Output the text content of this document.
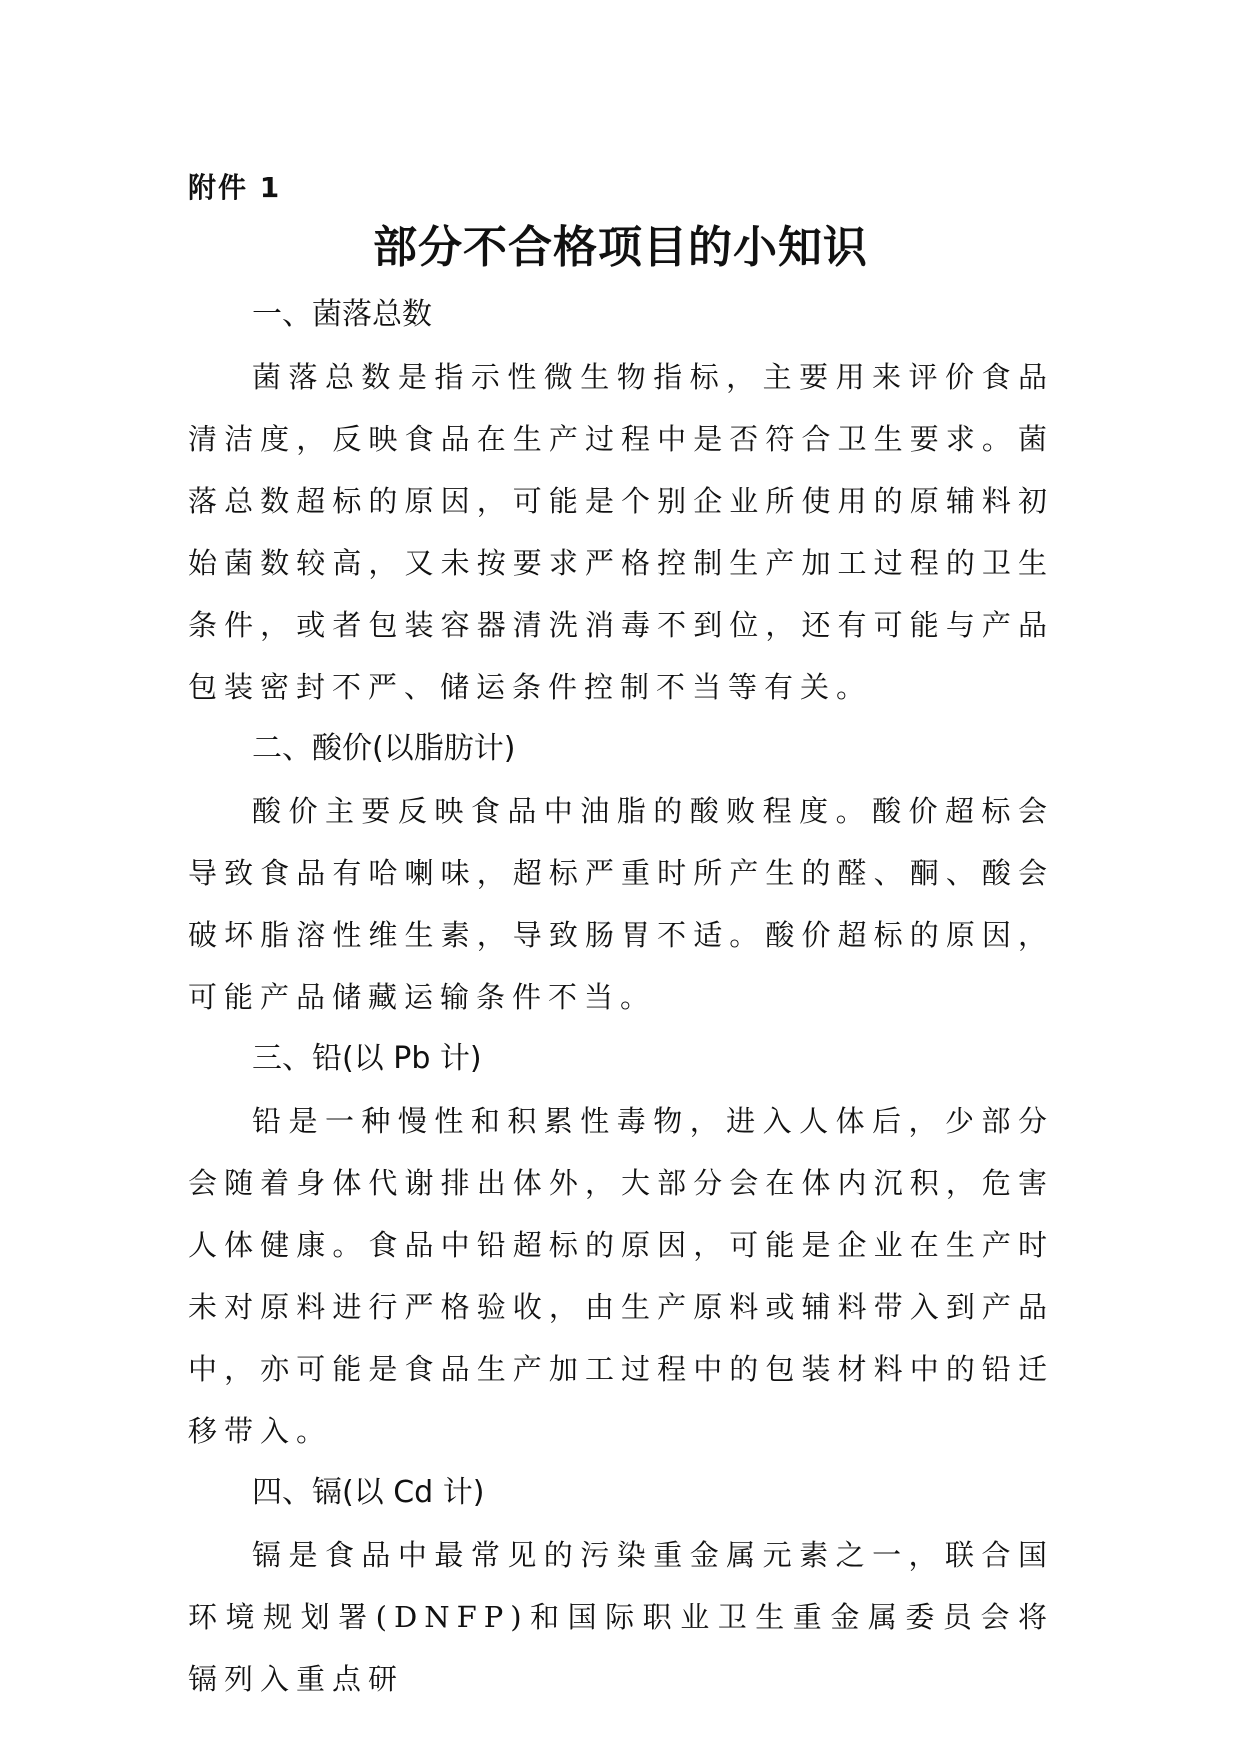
附件 1
部分不合格项目的小知识

一、菌落总数

菌落总数是指示性微生物指标，主要用来评价食品清洁度，反映食品在生产过程中是否符合卫生要求。菌落总数超标的原因，可能是个别企业所使用的原辅料初始菌数较高，又未按要求严格控制生产加工过程的卫生条件，或者包装容器清洗消毒不到位，还有可能与产品包装密封不严、储运条件控制不当等有关。

二、酸价(以脂肪计)

酸价主要反映食品中油脂的酸败程度。酸价超标会导致食品有哈喇味，超标严重时所产生的醛、酮、酸会破坏脂溶性维生素，导致肠胃不适。酸价超标的原因，可能产品储藏运输条件不当。

三、铅(以 Pb 计)

铅是一种慢性和积累性毒物，进入人体后，少部分会随着身体代谢排出体外，大部分会在体内沉积，危害人体健康。食品中铅超标的原因，可能是企业在生产时未对原料进行严格验收，由生产原料或辅料带入到产品中，亦可能是食品生产加工过程中的包装材料中的铅迁移带入。

四、镉(以 Cd 计)

镉是食品中最常见的污染重金属元素之一，联合国环境规划署(DNFP)和国际职业卫生重金属委员会将镉列入重点研
